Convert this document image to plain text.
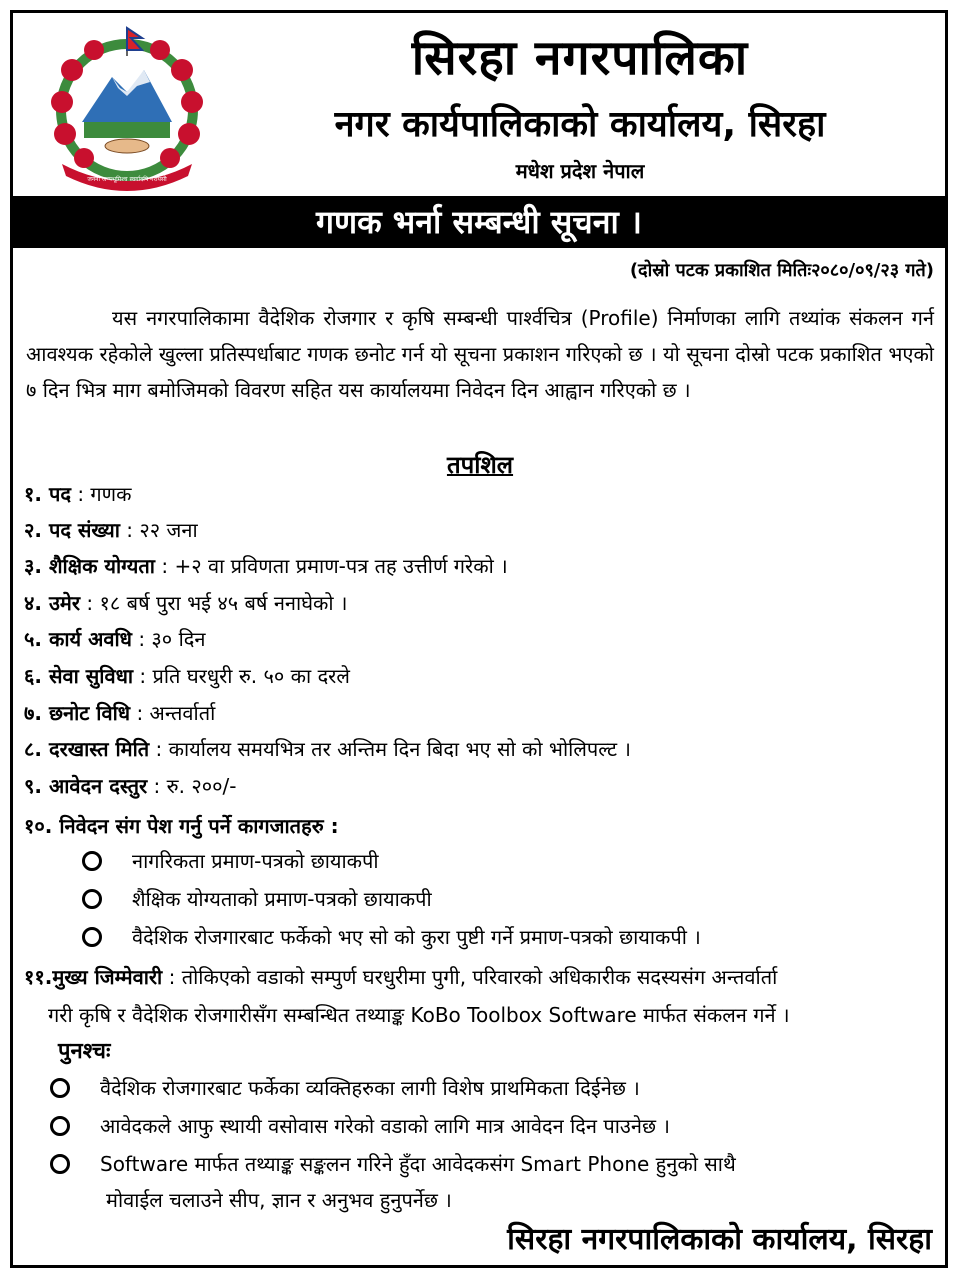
जननी जन्मभूमिश्च स्वर्गादपि गरीयसी
सिरहा नगरपालिका
नगर कार्यपालिकाको कार्यालय, सिरहा
मधेश प्रदेश नेपाल
गणक भर्ना सम्बन्धी सूचना ।
(दोस्रो पटक प्रकाशित मितिः२०८०/०९/२३ गते)
यस नगरपालिकामा वैदेशिक रोजगार र कृषि सम्बन्धी पार्श्वचित्र (Profile) निर्माणका लागि तथ्यांक संकलन गर्न आवश्यक रहेकोले खुल्ला प्रतिस्पर्धाबाट गणक छनोट गर्न यो सूचना प्रकाशन गरिएको छ । यो सूचना दोस्रो पटक प्रकाशित भएको ७ दिन भित्र माग बमोजिमको विवरण सहित यस कार्यालयमा निवेदन दिन आह्वान गरिएको छ ।
तपशिल
१. पद : गणक
२. पद संख्या : २२ जना
३. शैक्षिक योग्यता : +२ वा प्रविणता प्रमाण-पत्र तह उत्तीर्ण गरेको ।
४. उमेर : १८ बर्ष पुरा भई ४५ बर्ष ननाघेको ।
५. कार्य अवधि : ३० दिन
६. सेवा सुविधा : प्रति घरधुरी रु. ५० का दरले
७. छनोट विधि : अन्तर्वार्ता
८. दरखास्त मिति : कार्यालय समयभित्र तर अन्तिम दिन बिदा भए सो को भोलिपल्ट ।
९. आवेदन दस्तुर : रु. २००/-
१०. निवेदन संग पेश गर्नु पर्ने कागजातहरु :
नागरिकता प्रमाण-पत्रको छायाकपी
शैक्षिक योग्यताको प्रमाण-पत्रको छायाकपी
वैदेशिक रोजगारबाट फर्केको भए सो को कुरा पुष्टी गर्ने प्रमाण-पत्रको छायाकपी ।
११.मुख्य जिम्मेवारी : तोकिएको वडाको सम्पुर्ण घरधुरीमा पुगी, परिवारको अधिकारीक सदस्यसंग अन्तर्वार्ता
गरी कृषि र वैदेशिक रोजगारीसँग सम्बन्धित तथ्याङ्क KoBo Toolbox Software मार्फत संकलन गर्ने ।
पुनश्चः
वैदेशिक रोजगारबाट फर्केका व्यक्तिहरुका लागी विशेष प्राथमिकता दिईनेछ ।
आवेदकले आफु स्थायी वसोवास गरेको वडाको लागि मात्र आवेदन दिन पाउनेछ ।
Software मार्फत तथ्याङ्क सङ्कलन गरिने हुँदा आवेदकसंग Smart Phone हुनुको साथै
मोवाईल चलाउने सीप, ज्ञान र अनुभव हुनुपर्नेछ ।
सिरहा नगरपालिकाको कार्यालय, सिरहा
